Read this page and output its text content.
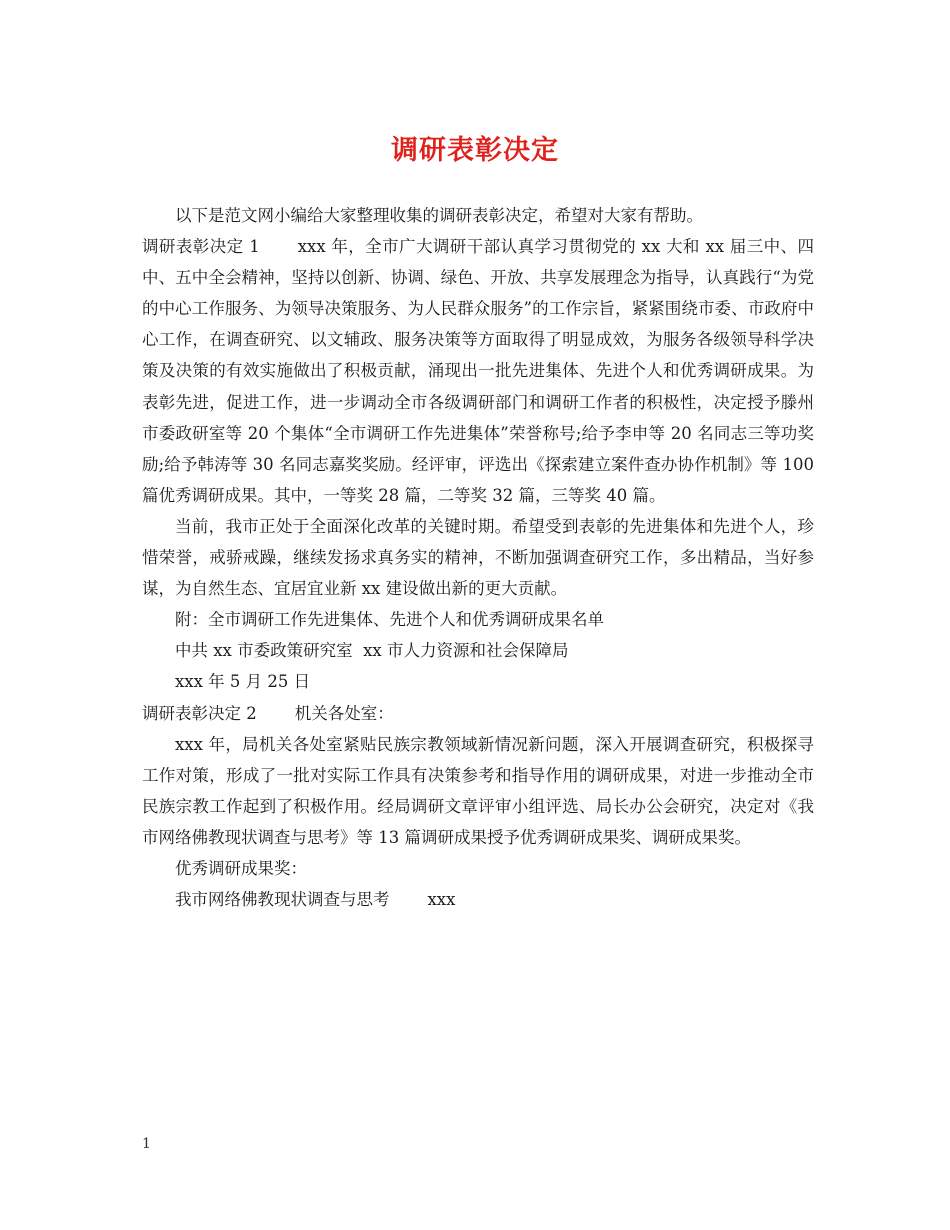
调研表彰决定

以下是范文网小编给大家整理收集的调研表彰决定，希望对大家有帮助。

调研表彰决定 1 xxx 年，全市广大调研干部认真学习贯彻党的 xx 大和 xx 届三中、四中、五中全会精神，坚持以创新、协调、绿色、开放、共享发展理念为指导，认真践行“为党的中心工作服务、为领导决策服务、为人民群众服务”的工作宗旨，紧紧围绕市委、市政府中心工作，在调查研究、以文辅政、服务决策等方面取得了明显成效，为服务各级领导科学决策及决策的有效实施做出了积极贡献，涌现出一批先进集体、先进个人和优秀调研成果。为表彰先进，促进工作，进一步调动全市各级调研部门和调研工作者的积极性，决定授予滕州市委政研室等 20 个集体“全市调研工作先进集体”荣誉称号;给予李申等 20 名同志三等功奖励;给予韩涛等 30 名同志嘉奖奖励。经评审，评选出《探索建立案件查办协作机制》等 100 篇优秀调研成果。其中，一等奖 28 篇，二等奖 32 篇，三等奖 40 篇。

当前，我市正处于全面深化改革的关键时期。希望受到表彰的先进集体和先进个人，珍惜荣誉，戒骄戒躁，继续发扬求真务实的精神，不断加强调查研究工作，多出精品，当好参谋，为自然生态、宜居宜业新 xx 建设做出新的更大贡献。

附：全市调研工作先进集体、先进个人和优秀调研成果名单

中共 xx 市委政策研究室  xx 市人力资源和社会保障局

xxx 年 5 月 25 日

调研表彰决定 2 机关各处室：

xxx 年，局机关各处室紧贴民族宗教领域新情况新问题，深入开展调查研究，积极探寻工作对策，形成了一批对实际工作具有决策参考和指导作用的调研成果，对进一步推动全市民族宗教工作起到了积极作用。经局调研文章评审小组评选、局长办公会研究，决定对《我市网络佛教现状调查与思考》等 13 篇调研成果授予优秀调研成果奖、调研成果奖。

优秀调研成果奖：

我市网络佛教现状调查与思考 xxx

1
